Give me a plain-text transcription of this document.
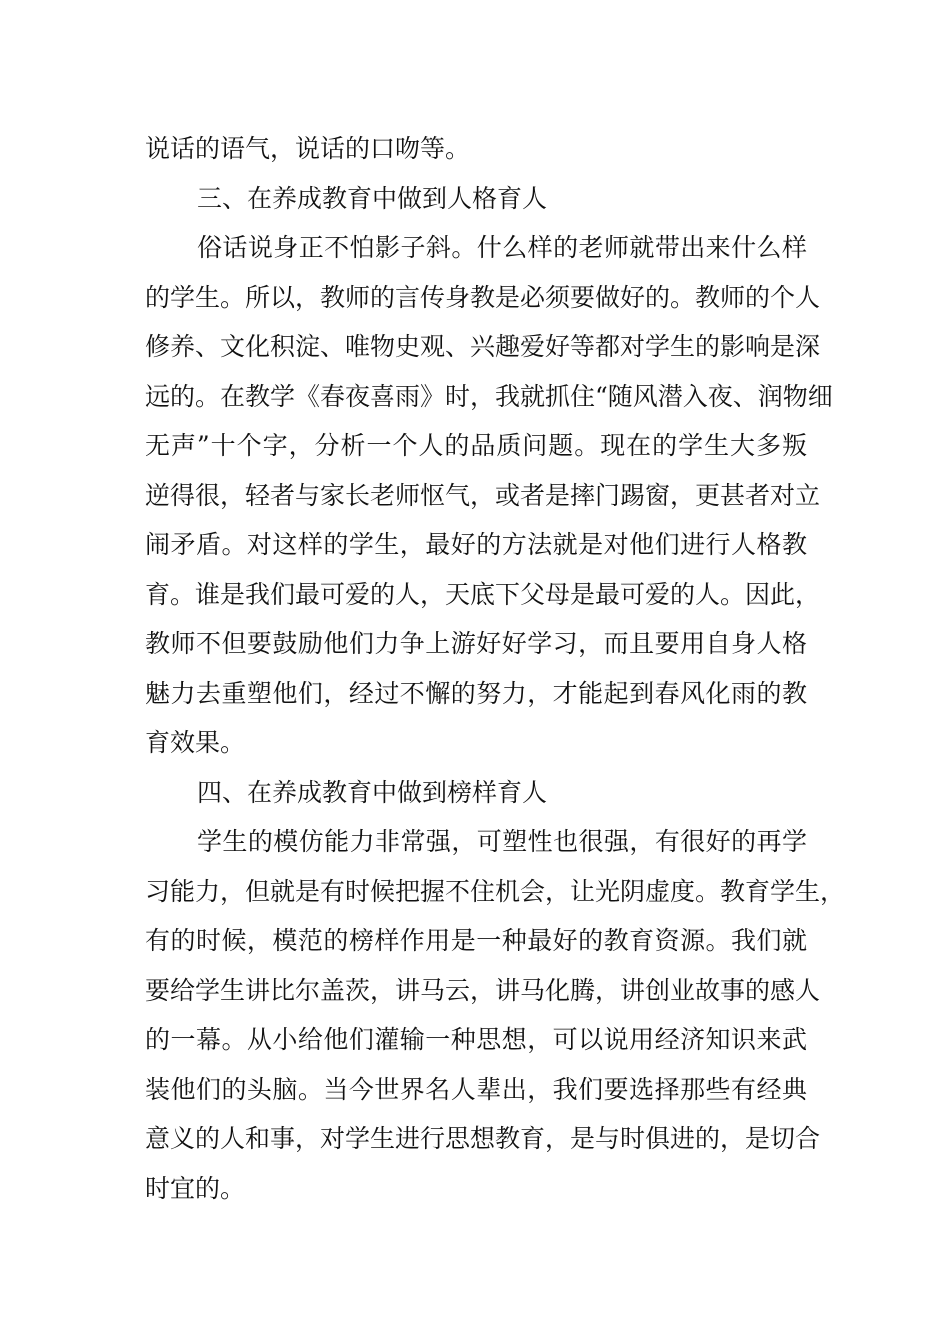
说话的语气，说话的口吻等。
三、在养成教育中做到人格育人
俗话说身正不怕影子斜。什么样的老师就带出来什么样
的学生。所以，教师的言传身教是必须要做好的。教师的个人
修养、文化积淀、唯物史观、兴趣爱好等都对学生的影响是深
远的。在教学《春夜喜雨》时，我就抓住“随风潜入夜、润物细
无声”十个字，分析一个人的品质问题。现在的学生大多叛
逆得很，轻者与家长老师怄气，或者是摔门踢窗，更甚者对立
闹矛盾。对这样的学生，最好的方法就是对他们进行人格教
育。谁是我们最可爱的人，天底下父母是最可爱的人。因此，
教师不但要鼓励他们力争上游好好学习，而且要用自身人格
魅力去重塑他们，经过不懈的努力，才能起到春风化雨的教
育效果。
四、在养成教育中做到榜样育人
学生的模仿能力非常强，可塑性也很强，有很好的再学
习能力，但就是有时候把握不住机会，让光阴虚度。教育学生，
有的时候，模范的榜样作用是一种最好的教育资源。我们就
要给学生讲比尔盖茨，讲马云，讲马化腾，讲创业故事的感人
的一幕。从小给他们灌输一种思想，可以说用经济知识来武
装他们的头脑。当今世界名人辈出，我们要选择那些有经典
意义的人和事，对学生进行思想教育，是与时俱进的，是切合
时宜的。
